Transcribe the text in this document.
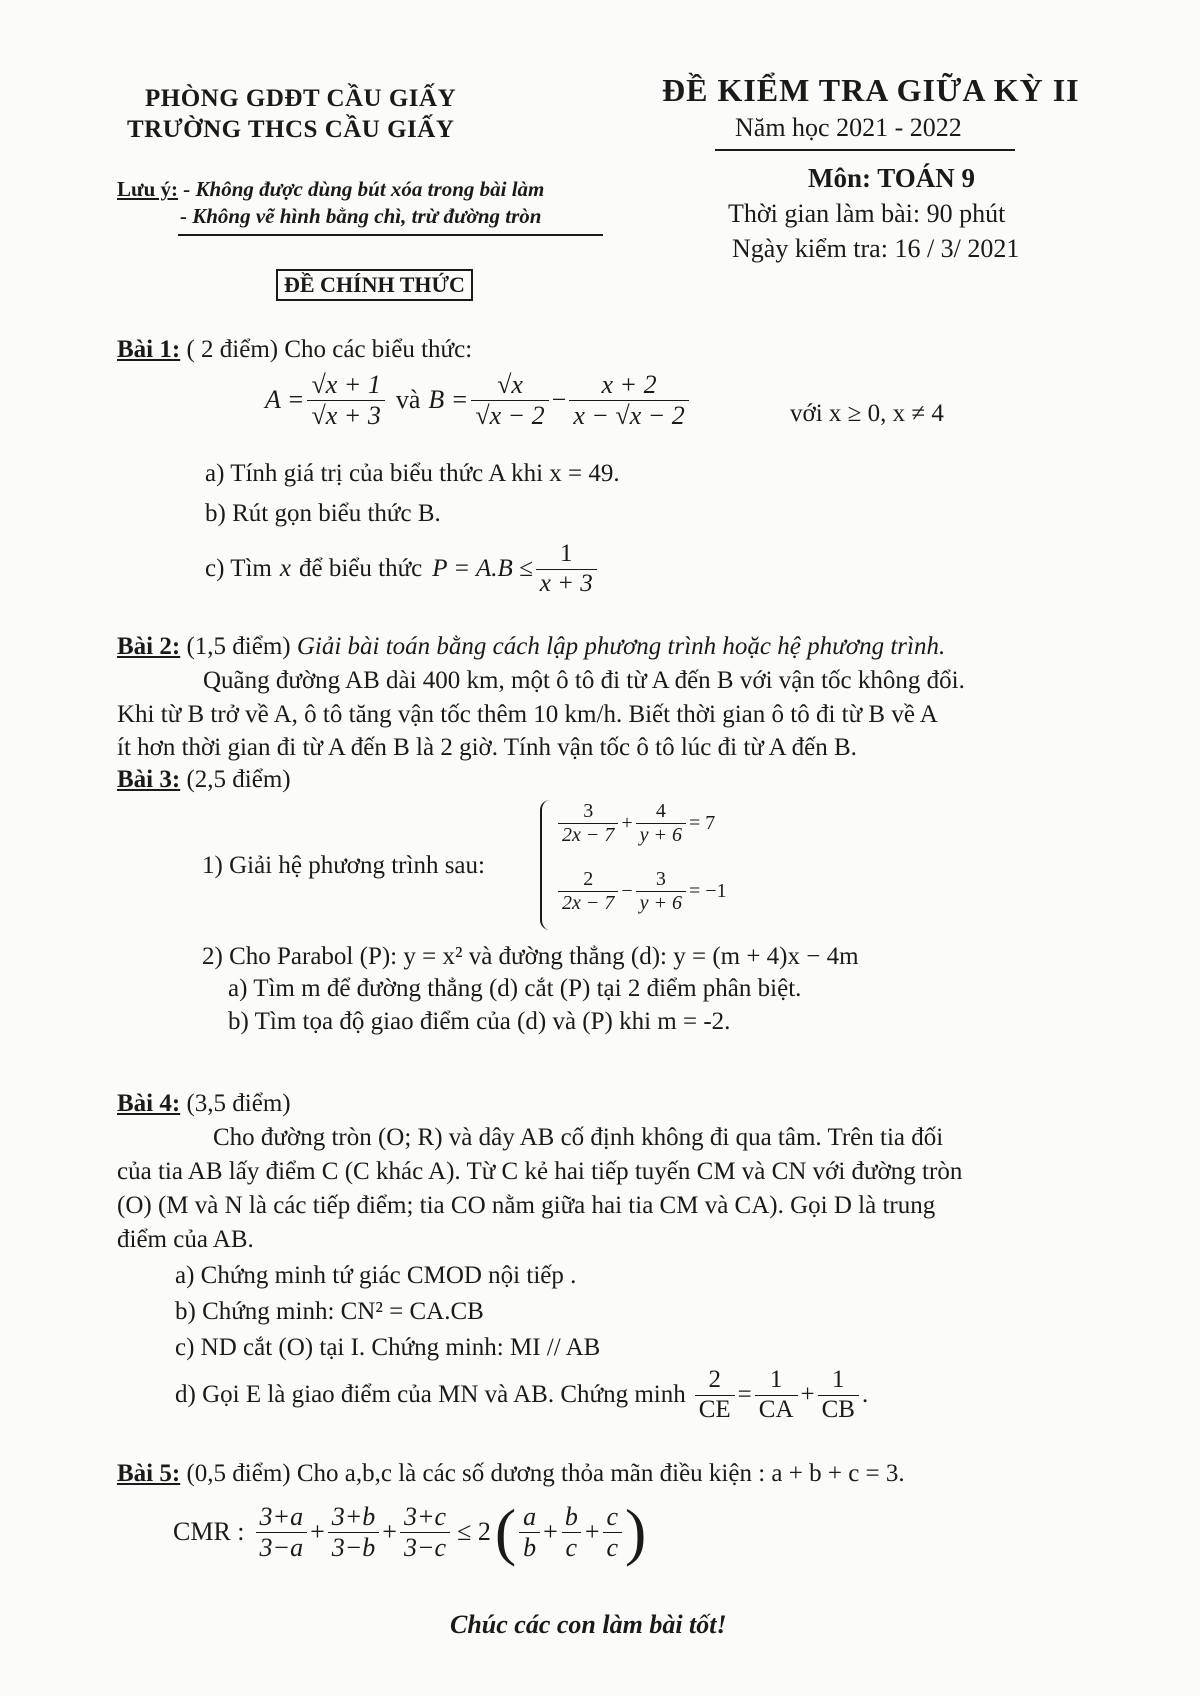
PHÒNG GDĐT CẦU GIẤY
TRƯỜNG THCS CẦU GIẤY
ĐỀ KIỂM TRA GIỮA KỲ II
Năm học 2021 - 2022
Môn: TOÁN 9
Thời gian làm bài: 90 phút
Ngày kiểm tra: 16 / 3/ 2021
Lưu ý: - Không được dùng bút xóa trong bài làm
- Không vẽ hình bằng chì, trừ đường tròn
ĐỀ CHÍNH THỨC
Bài 1: ( 2 điểm) Cho các biểu thức:
$A = \frac{√x + 1}{√x + 3}$ và $B = \frac{√x}{√x - 2} - \frac{x + 2}{x - √x - 2}$	với x ≥ 0, x ≠ 4
a) Tính giá trị của biểu thức A khi x = 49.
b) Rút gọn biểu thức B.
c) Tìm x để biểu thức $P = A.B \le \frac{1}{x + 3}$
Bài 2: (1,5 điểm) Giải bài toán bằng cách lập phương trình hoặc hệ phương trình.
Quãng đường AB dài 400 km, một ô tô đi từ A đến B với vận tốc không đổi.
Khi từ B trở về A, ô tô tăng vận tốc thêm 10 km/h. Biết thời gian ô tô đi từ B về A
ít hơn thời gian đi từ A đến B là 2 giờ. Tính vận tốc ô tô lúc đi từ A đến B.
Bài 3: (2,5 điểm)
1) Giải hệ phương trình sau:
$\frac{3}{2x - 7} + \frac{4}{y + 6} = 7$
$\frac{2}{2x - 7} - \frac{3}{y + 6} = -1$
2) Cho Parabol (P): y = x² và đường thẳng (d): y = (m + 4)x − 4m
a) Tìm m để đường thẳng (d) cắt (P) tại 2 điểm phân biệt.
b) Tìm tọa độ giao điểm của (d) và (P) khi m = -2.
Bài 4: (3,5 điểm)
Cho đường tròn (O; R) và dây AB cố định không đi qua tâm. Trên tia đối
của tia AB lấy điểm C (C khác A). Từ C kẻ hai tiếp tuyến CM và CN với đường tròn
(O) (M và N là các tiếp điểm; tia CO nằm giữa hai tia CM và CA). Gọi D là trung
điểm của AB.
a) Chứng minh tứ giác CMOD nội tiếp .
b) Chứng minh: CN² = CA.CB
c) ND cắt (O) tại I. Chứng minh: MI // AB
d) Gọi E là giao điểm của MN và AB. Chứng minh $\frac{2}{CE} = \frac{1}{CA} + \frac{1}{CB}$ .
Bài 5: (0,5 điểm) Cho a,b,c là các số dương thỏa mãn điều kiện : a + b + c = 3.
CMR : $\frac{3+a}{3-a} + \frac{3+b}{3-b} + \frac{3+c}{3-c} \le 2$ ( $\frac{a}{b} + \frac{b}{c} + \frac{c}{c}$ )
Chúc các con làm bài tốt!
